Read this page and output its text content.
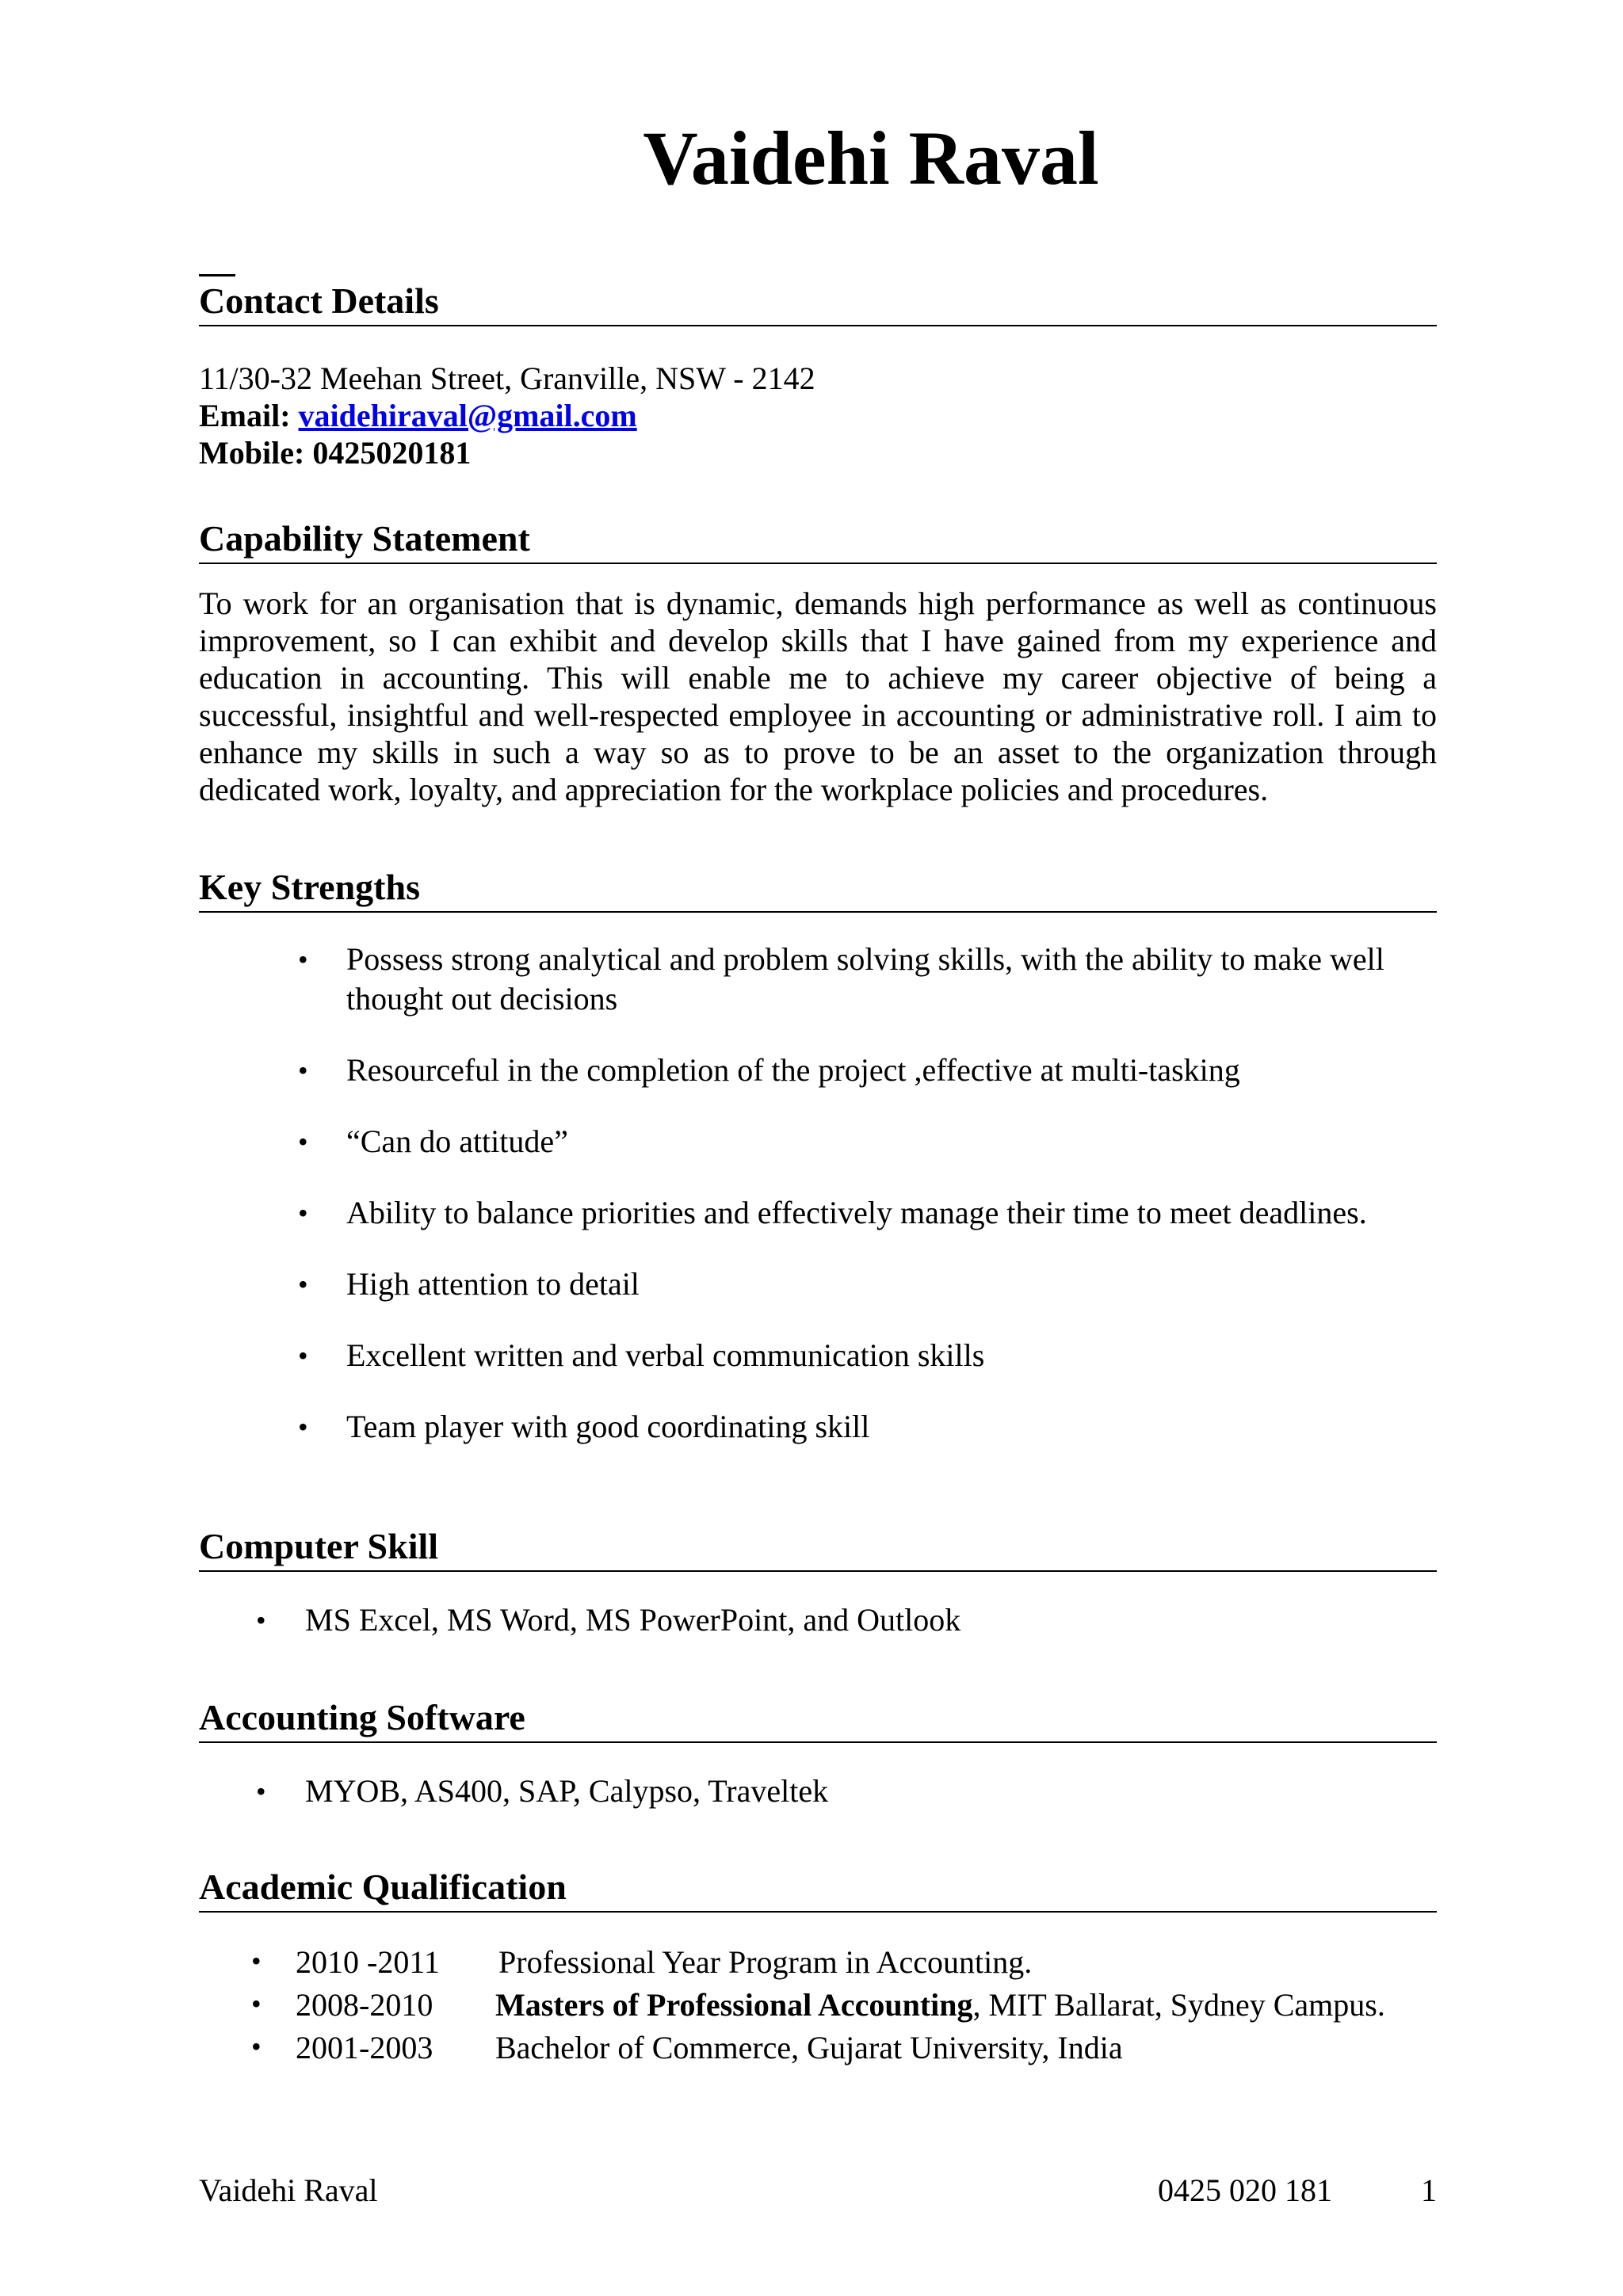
Vaidehi Raval
Contact Details

11/30-32 Meehan Street, Granville, NSW - 2142

Email: vaidehiraval@gmail.com

Mobile: 0425020181

Capability Statement

To work for an organisation that is dynamic, demands high performance as well as continuous improvement, so I can exhibit and develop skills that I have gained from my experience and education in accounting. This will enable me to achieve my career objective of being a successful, insightful and well-respected employee in accounting or administrative roll. I aim to enhance my skills in such a way so as to prove to be an asset to the organization through dedicated work, loyalty, and appreciation for the workplace policies and procedures.

Key Strengths
• Possess strong analytical and problem solving skills, with the ability to make well thought out decisions
• Resourceful in the completion of the project ,effective at multi-tasking
• “Can do attitude”
• Ability to balance priorities and effectively manage their time to meet deadlines.
• High attention to detail
• Excellent written and verbal communication skills
• Team player with good coordinating skill
Computer Skill
• MS Excel, MS Word, MS PowerPoint, and Outlook
Accounting Software
• MYOB, AS400, SAP, Calypso, Traveltek
Academic Qualification
• 2010 -2011 Professional Year Program in Accounting.
• 2008-2010 Masters of Professional Accounting, MIT Ballarat, Sydney Campus.
• 2001-2003 Bachelor of Commerce, Gujarat University, India
Vaidehi Raval	0425 020 181	1
